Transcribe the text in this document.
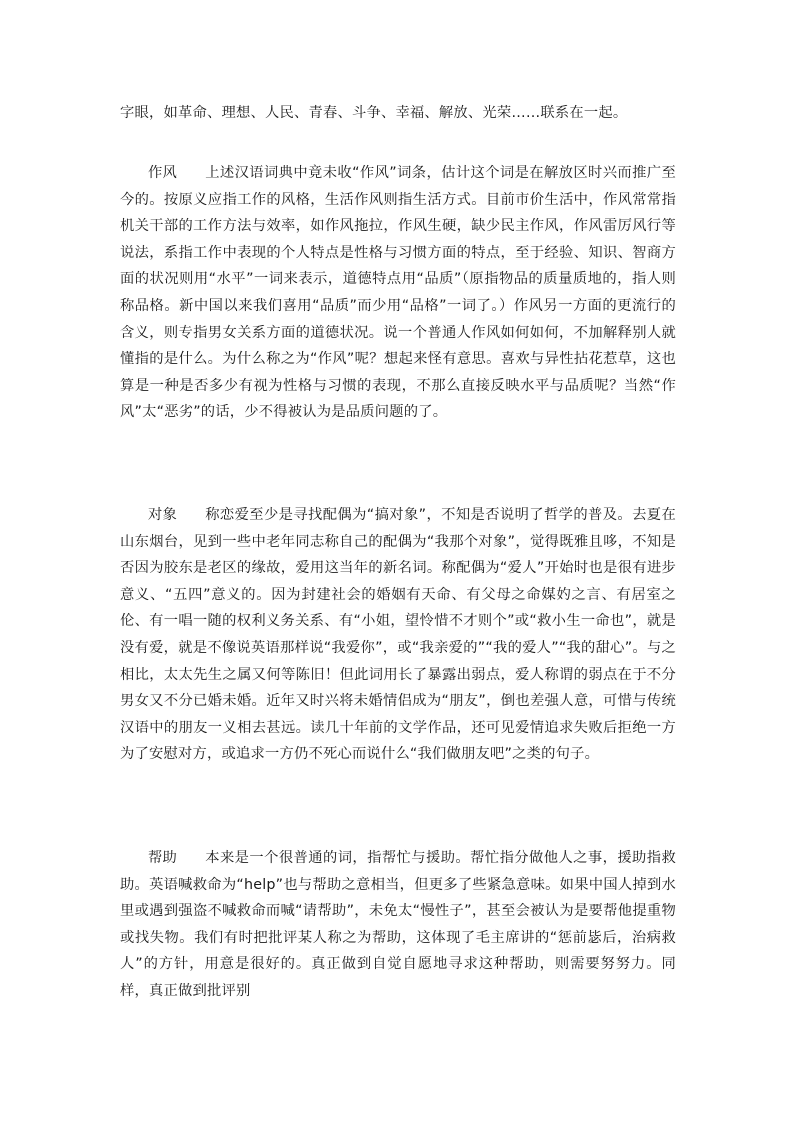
字眼，如革命、理想、人民、青春、斗争、幸福、解放、光荣……联系在一起。

作风 上述汉语词典中竟未收“作风”词条，估计这个词是在解放区时兴而推广至今的。按原义应指工作的风格，生活作风则指生活方式。目前市价生活中，作风常常指机关干部的工作方法与效率，如作风拖拉，作风生硬，缺少民主作风，作风雷厉风行等说法，系指工作中表现的个人特点是性格与习惯方面的特点，至于经验、知识、智商方面的状况则用“水平”一词来表示，道德特点用“品质”（原指物品的质量质地的，指人则称品格。新中国以来我们喜用“品质”而少用“品格”一词了。）作风另一方面的更流行的含义，则专指男女关系方面的道德状况。说一个普通人作风如何如何，不加解释别人就懂指的是什么。为什么称之为“作风”呢？想起来怪有意思。喜欢与异性拈花惹草，这也算是一种是否多少有视为性格与习惯的表现，不那么直接反映水平与品质呢？当然“作风”太“恶劣”的话，少不得被认为是品质问题的了。

对象 称恋爱至少是寻找配偶为“搞对象”，不知是否说明了哲学的普及。去夏在山东烟台，见到一些中老年同志称自己的配偶为“我那个对象”，觉得既雅且哆，不知是否因为胶东是老区的缘故，爱用这当年的新名词。称配偶为“爱人”开始时也是很有进步意义、“五四”意义的。因为封建社会的婚姻有天命、有父母之命媒妁之言、有居室之伦、有一唱一随的权利义务关系、有“小姐，望怜惜不才则个”或“救小生一命也”，就是没有爱，就是不像说英语那样说“我爱你”，或“我亲爱的”“我的爱人”“我的甜心”。与之相比，太太先生之属又何等陈旧！但此词用长了暴露出弱点，爱人称谓的弱点在于不分男女又不分已婚未婚。近年又时兴将未婚情侣成为“朋友”，倒也差强人意，可惜与传统汉语中的朋友一义相去甚远。读几十年前的文学作品，还可见爱情追求失败后拒绝一方为了安慰对方，或追求一方仍不死心而说什么“我们做朋友吧”之类的句子。

帮助 本来是一个很普通的词，指帮忙与援助。帮忙指分做他人之事，援助指救助。英语喊救命为“help”也与帮助之意相当，但更多了些紧急意味。如果中国人掉到水里或遇到强盗不喊救命而喊“请帮助”，未免太“慢性子”，甚至会被认为是要帮他提重物或找失物。我们有时把批评某人称之为帮助，这体现了毛主席讲的“惩前毖后，治病救人”的方针，用意是很好的。真正做到自觉自愿地寻求这种帮助，则需要努努力。同样，真正做到批评别
